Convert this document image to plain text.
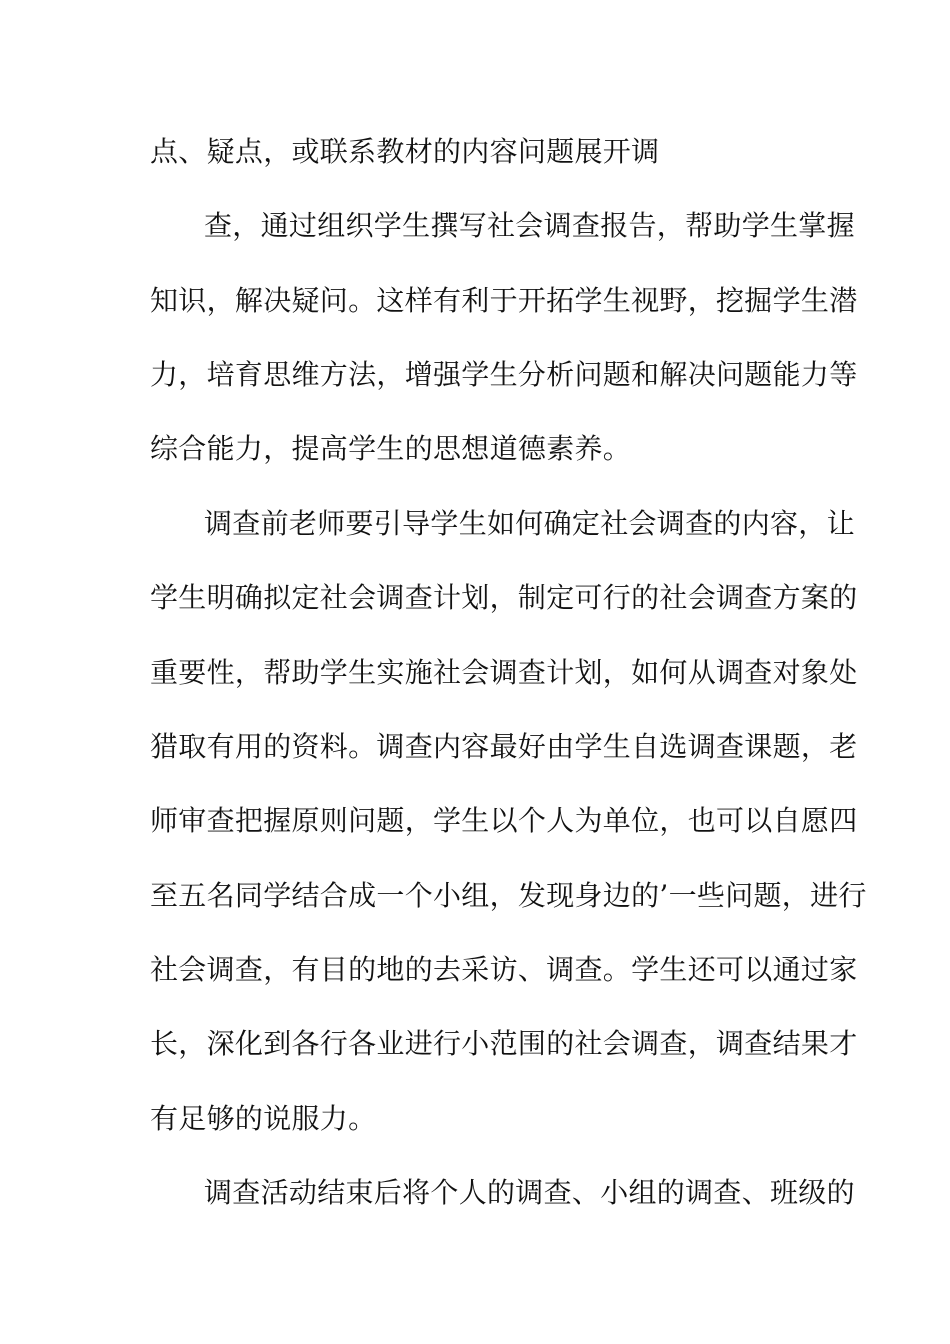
点、疑点，或联系教材的内容问题展开调
查，通过组织学生撰写社会调查报告，帮助学生掌握
知识，解决疑问。这样有利于开拓学生视野，挖掘学生潜
力，培育思维方法，增强学生分析问题和解决问题能力等
综合能力，提高学生的思想道德素养。
调查前老师要引导学生如何确定社会调查的内容，让
学生明确拟定社会调查计划，制定可行的社会调查方案的
重要性，帮助学生实施社会调查计划，如何从调查对象处
猎取有用的资料。调查内容最好由学生自选调查课题，老
师审查把握原则问题，学生以个人为单位，也可以自愿四
至五名同学结合成一个小组，发现身边的’一些问题，进行
社会调查，有目的地的去采访、调查。学生还可以通过家
长，深化到各行各业进行小范围的社会调查，调查结果才
有足够的说服力。
调查活动结束后将个人的调查、小组的调查、班级的
